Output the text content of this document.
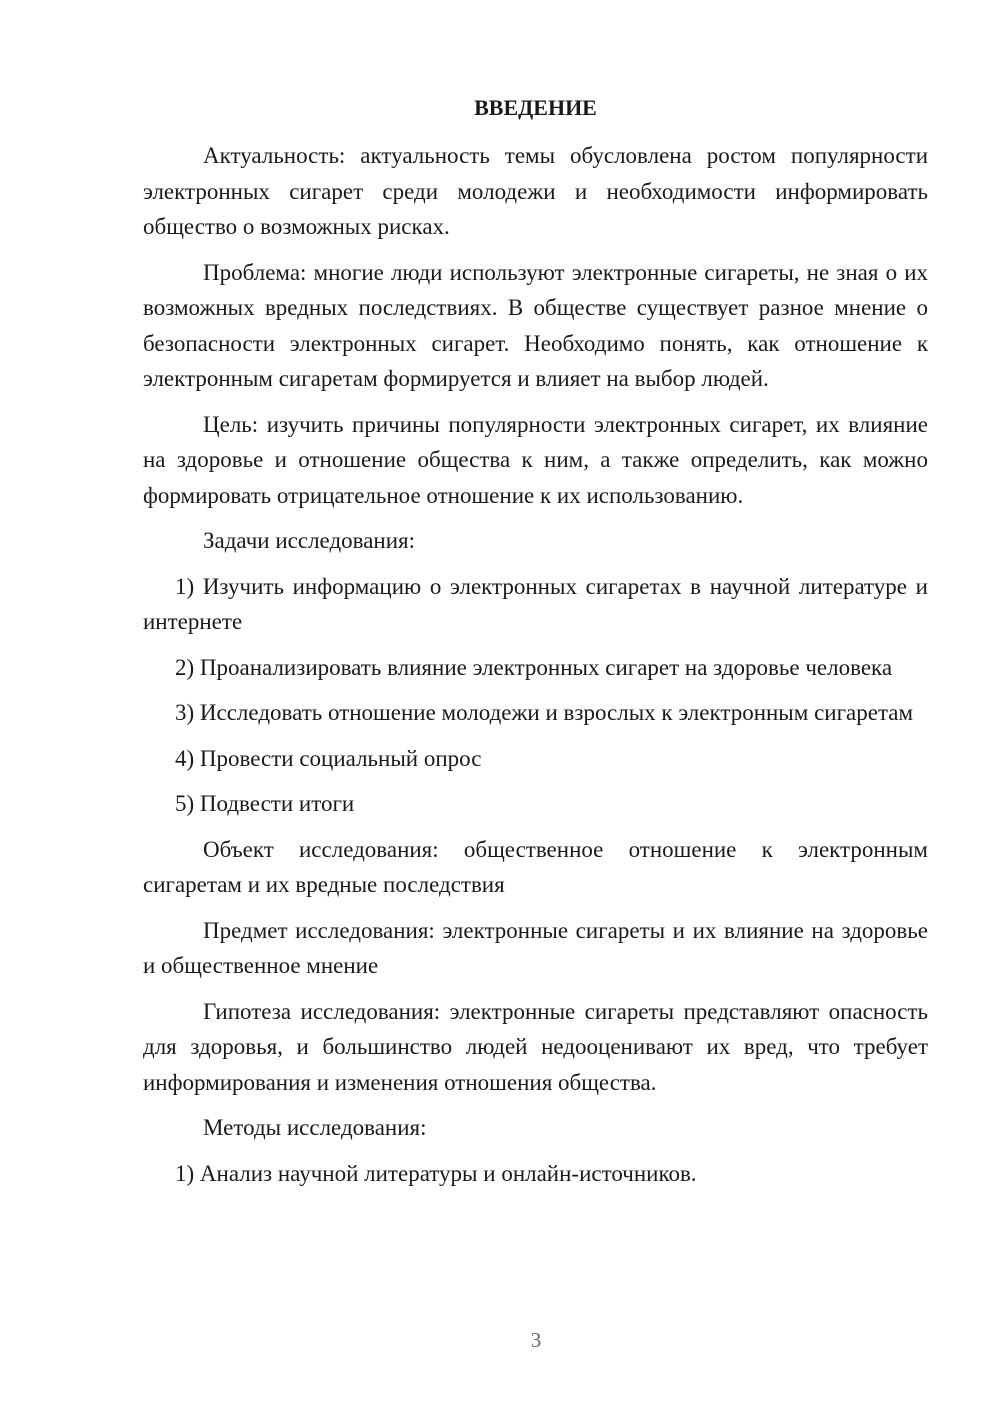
ВВЕДЕНИЕ

Актуальность: актуальность темы обусловлена ростом популярности электронных сигарет среди молодежи и необходимости информировать общество о возможных рисках.

Проблема: многие люди используют электронные сигареты, не зная о их возможных вредных последствиях. В обществе существует разное мнение о безопасности электронных сигарет. Необходимо понять, как отношение к электронным сигаретам формируется и влияет на выбор людей.

Цель: изучить причины популярности электронных сигарет, их влияние на здоровье и отношение общества к ним, а также определить, как можно формировать отрицательное отношение к их использованию.

Задачи исследования:

1) Изучить информацию о электронных сигаретах в научной литературе и интернете

2) Проанализировать влияние электронных сигарет на здоровье человека

3) Исследовать отношение молодежи и взрослых к электронным сигаретам

4) Провести социальный опрос

5) Подвести итоги

Объект исследования: общественное отношение к электронным сигаретам и их вредные последствия

Предмет исследования: электронные сигареты и их влияние на здоровье и общественное мнение

Гипотеза исследования: электронные сигареты представляют опасность для здоровья, и большинство людей недооценивают их вред, что требует информирования и изменения отношения общества.

Методы исследования:

1) Анализ научной литературы и онлайн-источников.

3
